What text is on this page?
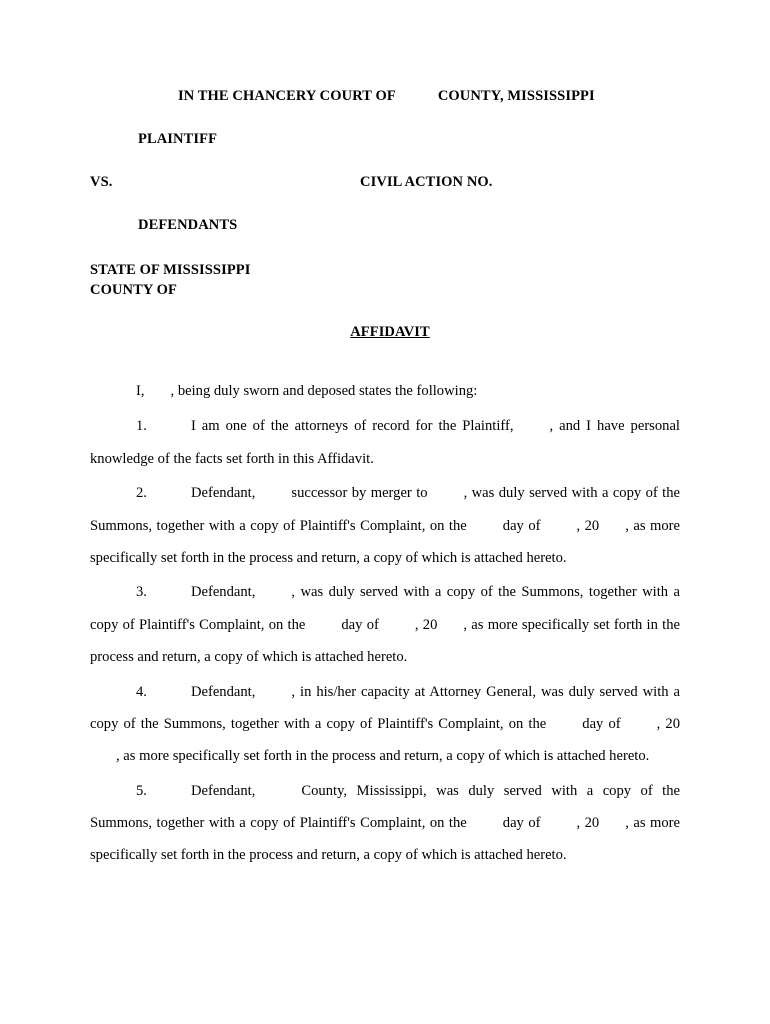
IN THE CHANCERY COURT OF	COUNTY, MISSISSIPPI
PLAINTIFF
VS.	CIVIL ACTION NO.
DEFENDANTS
STATE OF MISSISSIPPI
COUNTY OF
AFFIDAVIT

I, , being duly sworn and deposed states the following:

1.	I am one of the attorneys of record for the Plaintiff, , and I have personal knowledge of the facts set forth in this Affidavit.

2.	Defendant, successor by merger to , was duly served with a copy of the Summons, together with a copy of Plaintiff's Complaint, on the day of , 20 , as more specifically set forth in the process and return, a copy of which is attached hereto.

3.	Defendant, , was duly served with a copy of the Summons, together with a copy of Plaintiff's Complaint, on the day of , 20 , as more specifically set forth in the process and return, a copy of which is attached hereto.

4.	Defendant, , in his/her capacity at Attorney General, was duly served with a copy of the Summons, together with a copy of Plaintiff's Complaint, on the day of , 20, as more specifically set forth in the process and return, a copy of which is attached hereto.

5.	Defendant,	County, Mississippi, was duly served with a copy of the Summons, together with a copy of Plaintiff's Complaint, on the day of , 20 , as more specifically set forth in the process and return, a copy of which is attached hereto.
